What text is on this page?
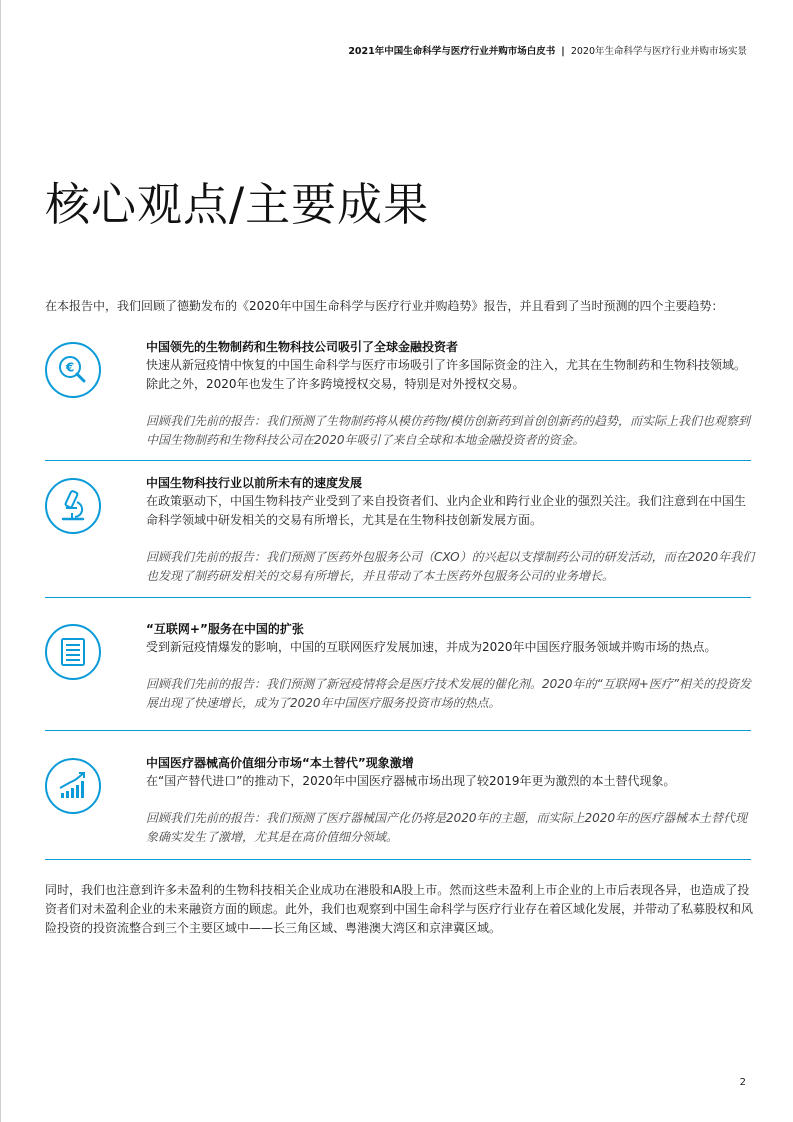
2021年中国生命科学与医疗行业并购市场白皮书 | 2020年生命科学与医疗行业并购市场实景
核心观点/主要成果
在本报告中，我们回顾了德勤发布的《2020年中国生命科学与医疗行业并购趋势》报告，并且看到了当时预测的四个主要趋势：
€
中国领先的生物制药和生物科技公司吸引了全球金融投资者

快速从新冠疫情中恢复的中国生命科学与医疗市场吸引了许多国际资金的注入，尤其在生物制药和生物科技领域。除此之外，2020年也发生了许多跨境授权交易，特别是对外授权交易。

回顾我们先前的报告：我们预测了生物制药将从模仿药物/模仿创新药到首创创新药的趋势，而实际上我们也观察到中国生物制药和生物科技公司在2020年吸引了来自全球和本地金融投资者的资金。

中国生物科技行业以前所未有的速度发展

在政策驱动下，中国生物科技产业受到了来自投资者们、业内企业和跨行业企业的强烈关注。我们注意到在中国生命科学领域中研发相关的交易有所增长，尤其是在生物科技创新发展方面。

回顾我们先前的报告：我们预测了医药外包服务公司（CXO）的兴起以支撑制药公司的研发活动，而在2020年我们也发现了制药研发相关的交易有所增长，并且带动了本土医药外包服务公司的业务增长。

“互联网+”服务在中国的扩张

受到新冠疫情爆发的影响，中国的互联网医疗发展加速，并成为2020年中国医疗服务领域并购市场的热点。

回顾我们先前的报告：我们预测了新冠疫情将会是医疗技术发展的催化剂。2020年的“互联网+医疗”相关的投资发展出现了快速增长，成为了2020年中国医疗服务投资市场的热点。

中国医疗器械高价值细分市场“本土替代”现象激增

在“国产替代进口”的推动下，2020年中国医疗器械市场出现了较2019年更为激烈的本土替代现象。

回顾我们先前的报告：我们预测了医疗器械国产化仍将是2020年的主题，而实际上2020年的医疗器械本土替代现象确实发生了激增，尤其是在高价值细分领域。

同时，我们也注意到许多未盈利的生物科技相关企业成功在港股和A股上市。然而这些未盈利上市企业的上市后表现各异，也造成了投资者们对未盈利企业的未来融资方面的顾虑。此外，我们也观察到中国生命科学与医疗行业存在着区域化发展，并带动了私募股权和风险投资的投资流整合到三个主要区域中——长三角区域、粤港澳大湾区和京津冀区域。
2
